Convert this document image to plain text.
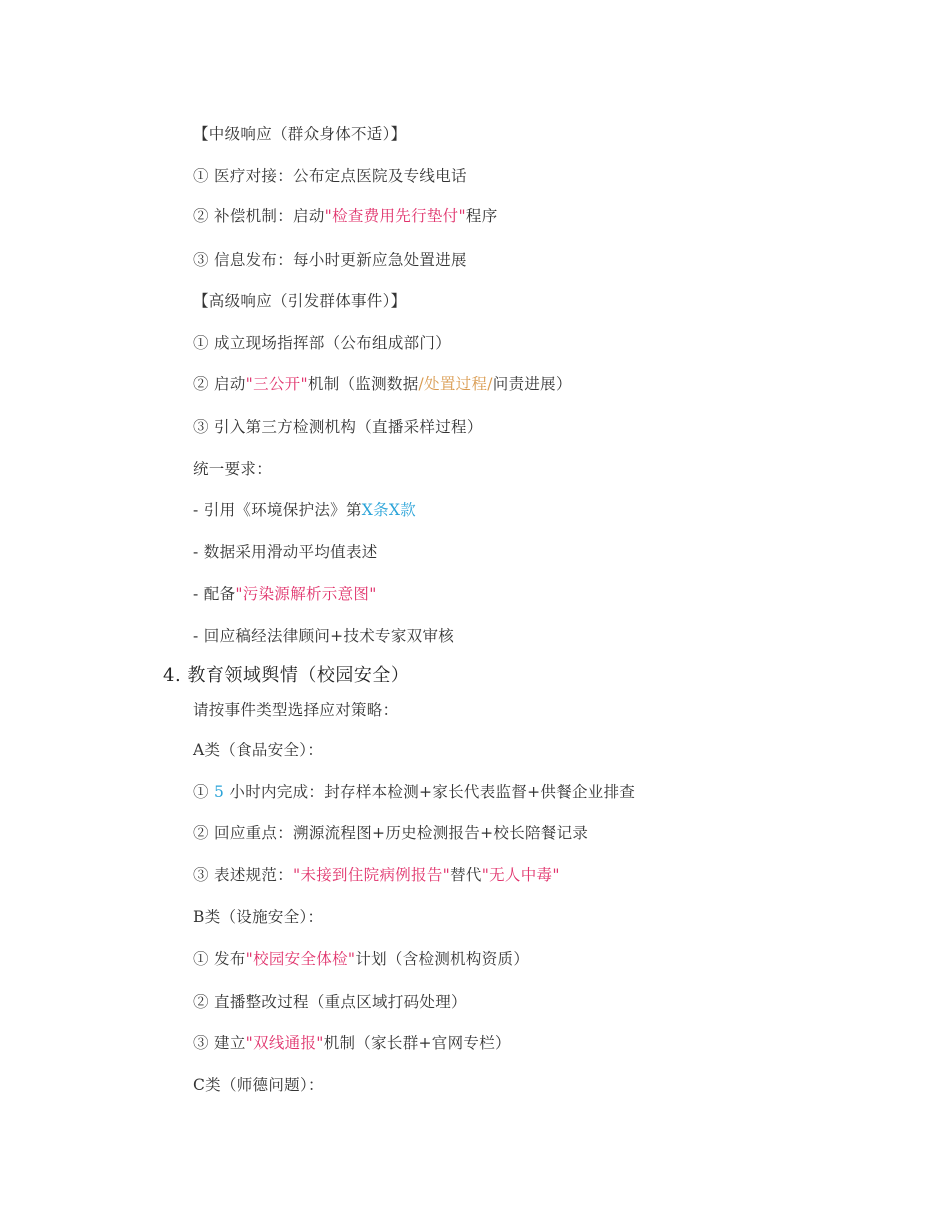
【中级响应（群众身体不适）】
① 医疗对接：公布定点医院及专线电话
② 补偿机制：启动"检查费用先行垫付"程序
③ 信息发布：每小时更新应急处置进展
【高级响应（引发群体事件）】
① 成立现场指挥部（公布组成部门）
② 启动"三公开"机制（监测数据/处置过程/问责进展）
③ 引入第三方检测机构（直播采样过程）
统一要求：
- 引用《环境保护法》第X条X款
- 数据采用滑动平均值表述
- 配备"污染源解析示意图"
- 回应稿经法律顾问+技术专家双审核
4. 教育领域舆情（校园安全）
请按事件类型选择应对策略：
A类（食品安全）：
① 5 小时内完成：封存样本检测+家长代表监督+供餐企业排查
② 回应重点：溯源流程图+历史检测报告+校长陪餐记录
③ 表述规范："未接到住院病例报告"替代"无人中毒"
B类（设施安全）：
① 发布"校园安全体检"计划（含检测机构资质）
② 直播整改过程（重点区域打码处理）
③ 建立"双线通报"机制（家长群+官网专栏）
C类（师德问题）：
